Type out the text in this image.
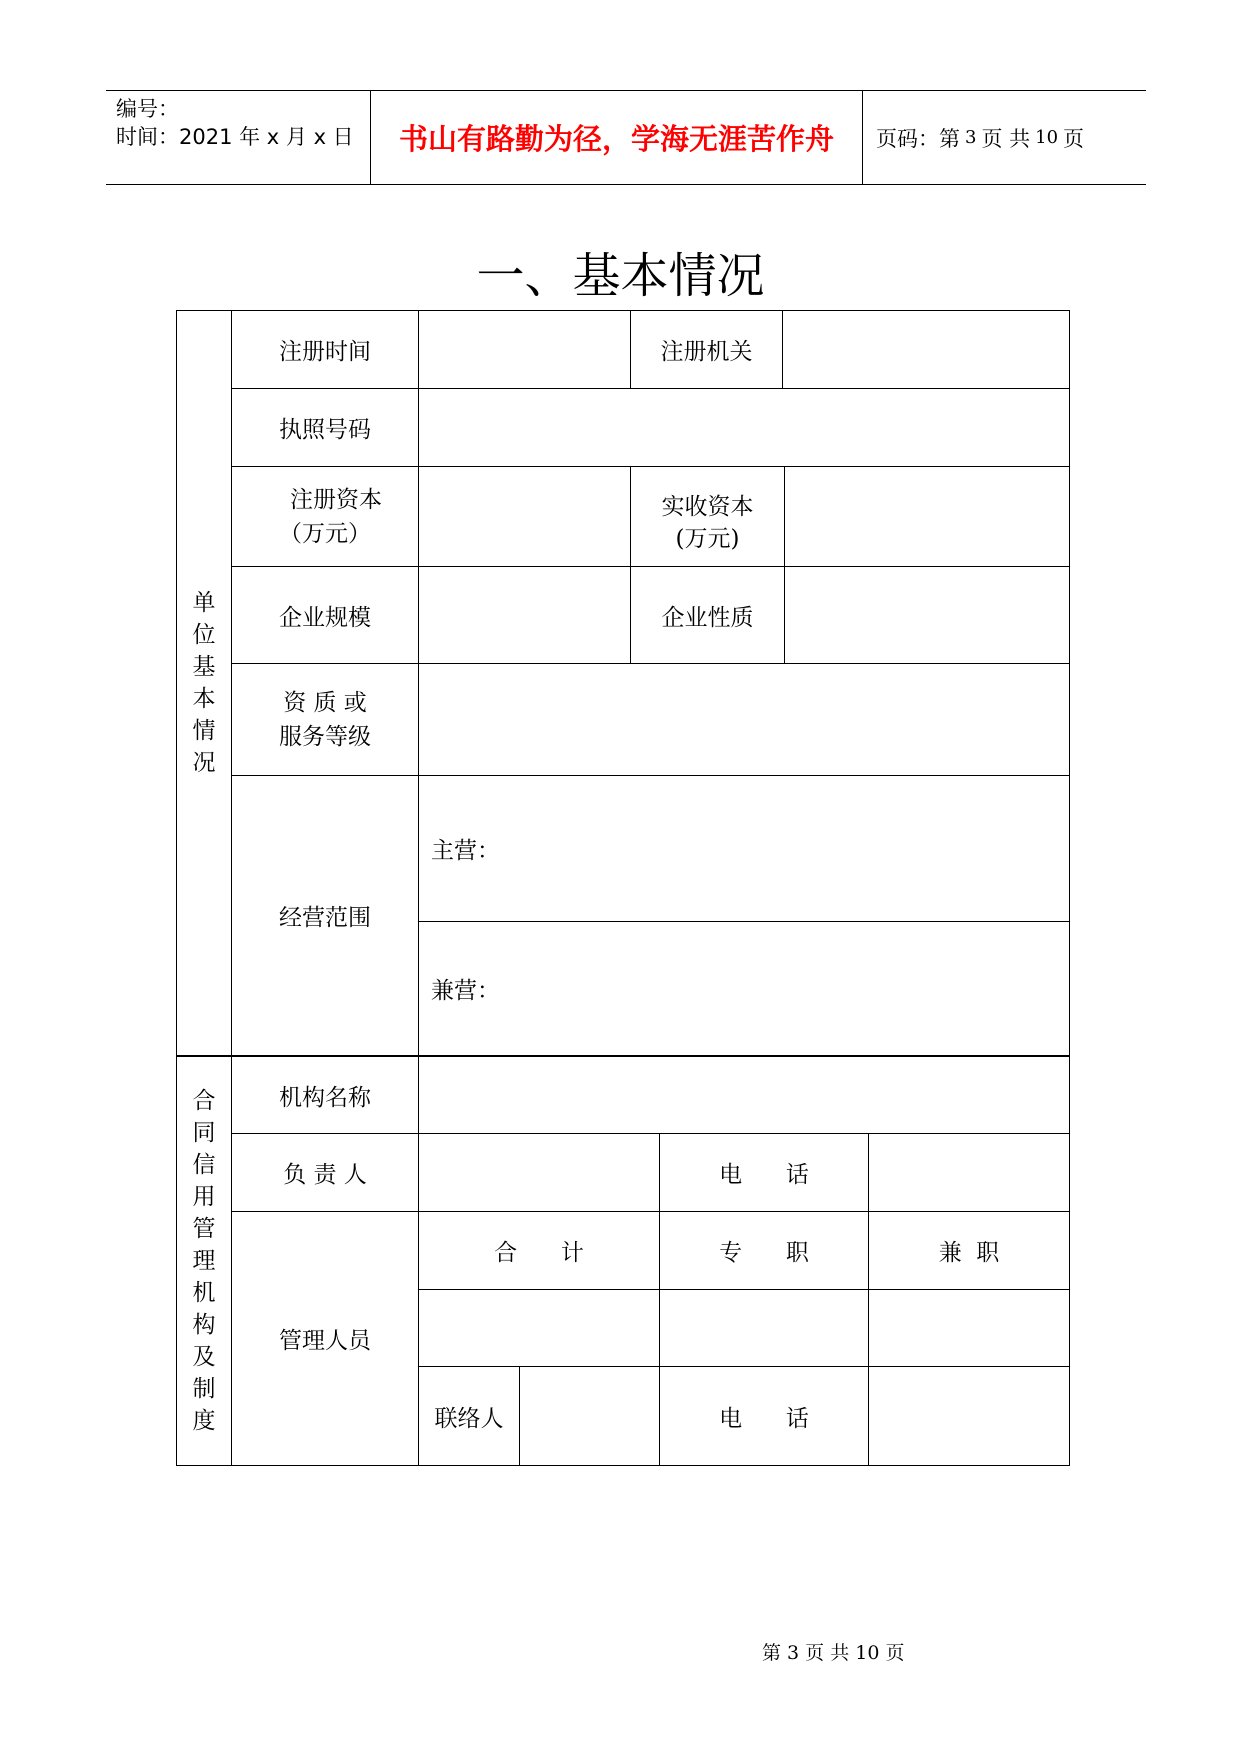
编号：
时间：2021 年 x 月 x 日	书山有路勤为径，学海无涯苦作舟	页码：第 3 页 共 10 页
一、基本情况
单
位
基
本
情
况
注册时间	注册机关
执照号码
注册资本
（万元）
实收资本
(万元)
企业规模	企业性质
资 质 或
服务等级
经营范围
主营：
兼营：
合
同
信
用
管
理
机
构
及
制
度
机构名称
负 责 人	电      话
管理人员
合      计	专      职	兼  职
联络人	电      话
第 3 页 共 10 页
